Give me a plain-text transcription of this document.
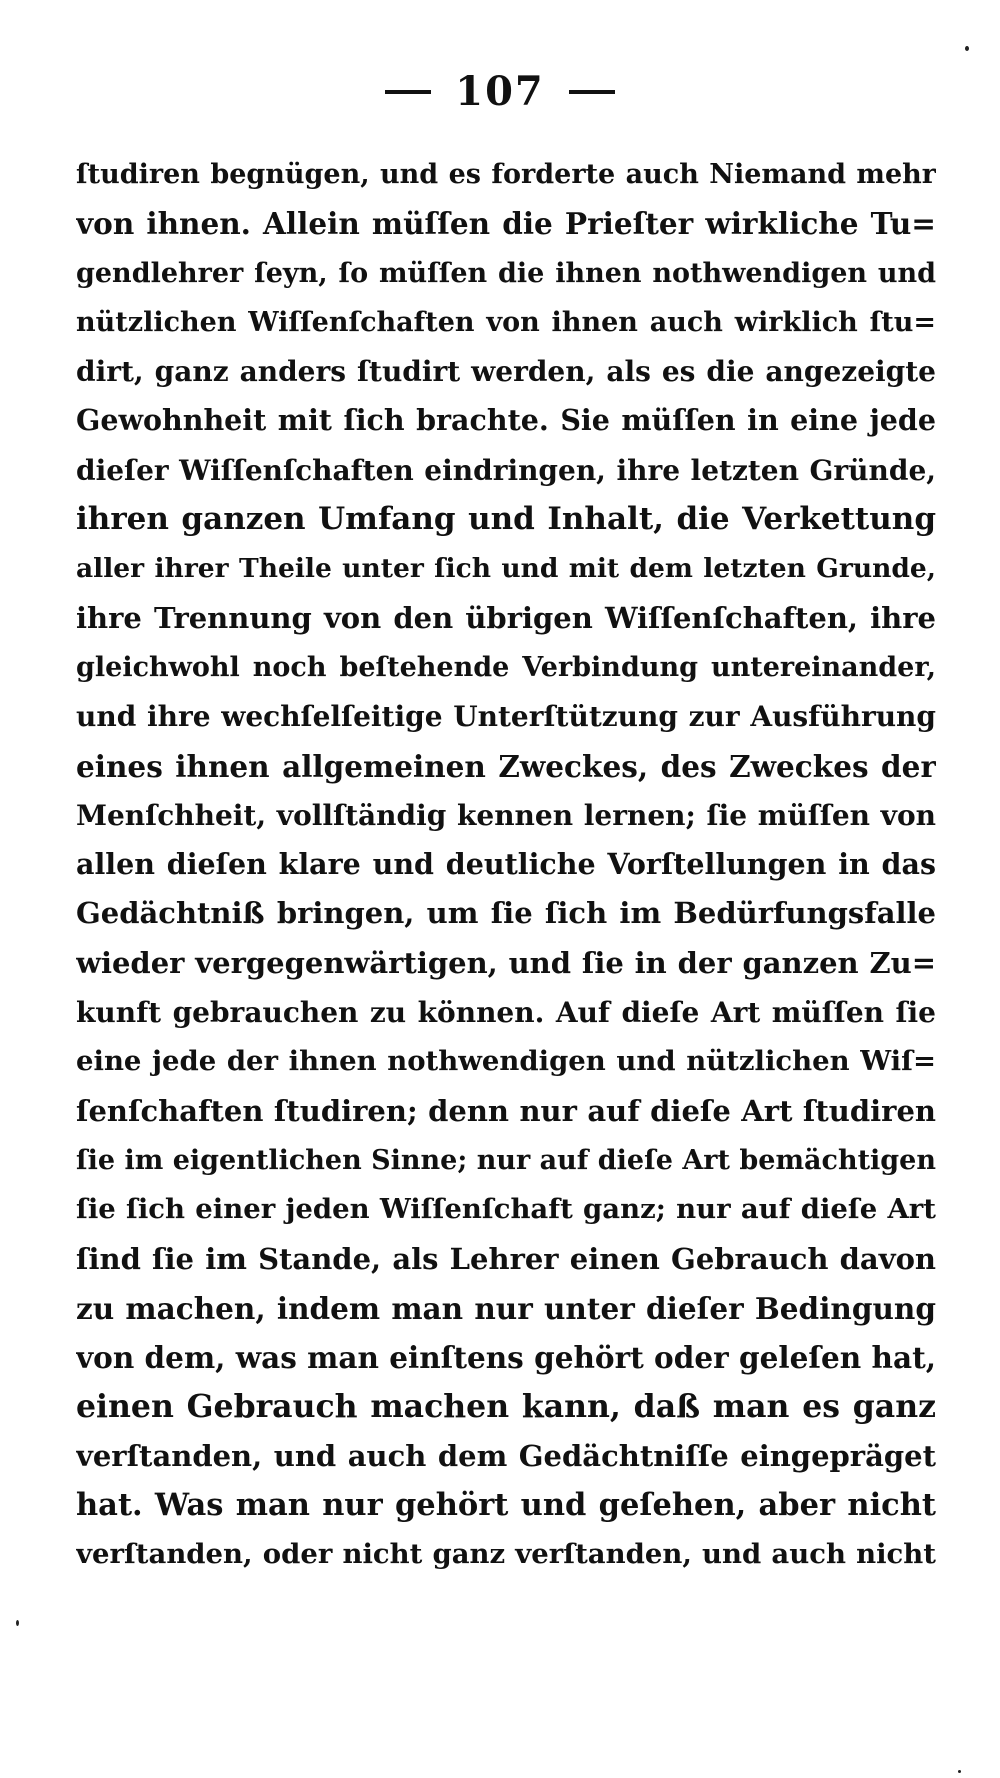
107
ſtudiren begnügen, und es forderte auch Niemand mehr
von ihnen. Allein müſſen die Prieſter wirkliche Tu=
gendlehrer ſeyn, ſo müſſen die ihnen nothwendigen und
nützlichen Wiſſenſchaften von ihnen auch wirklich ſtu=
dirt, ganz anders ſtudirt werden, als es die angezeigte
Gewohnheit mit ſich brachte. Sie müſſen in eine jede
dieſer Wiſſenſchaften eindringen, ihre letzten Gründe,
ihren ganzen Umfang und Inhalt, die Verkettung
aller ihrer Theile unter ſich und mit dem letzten Grunde,
ihre Trennung von den übrigen Wiſſenſchaften, ihre
gleichwohl noch beſtehende Verbindung untereinander,
und ihre wechſelſeitige Unterſtützung zur Ausführung
eines ihnen allgemeinen Zweckes, des Zweckes der
Menſchheit, vollſtändig kennen lernen; ſie müſſen von
allen dieſen klare und deutliche Vorſtellungen in das
Gedächtniß bringen, um ſie ſich im Bedürfungsfalle
wieder vergegenwärtigen, und ſie in der ganzen Zu=
kunft gebrauchen zu können. Auf dieſe Art müſſen ſie
eine jede der ihnen nothwendigen und nützlichen Wiſ=
ſenſchaften ſtudiren; denn nur auf dieſe Art ſtudiren
ſie im eigentlichen Sinne; nur auf dieſe Art bemächtigen
ſie ſich einer jeden Wiſſenſchaft ganz; nur auf dieſe Art
ſind ſie im Stande, als Lehrer einen Gebrauch davon
zu machen, indem man nur unter dieſer Bedingung
von dem, was man einſtens gehört oder geleſen hat,
einen Gebrauch machen kann, daß man es ganz
verſtanden, und auch dem Gedächtniſſe eingepräget
hat. Was man nur gehört und geſehen, aber nicht
verſtanden, oder nicht ganz verſtanden, und auch nicht
